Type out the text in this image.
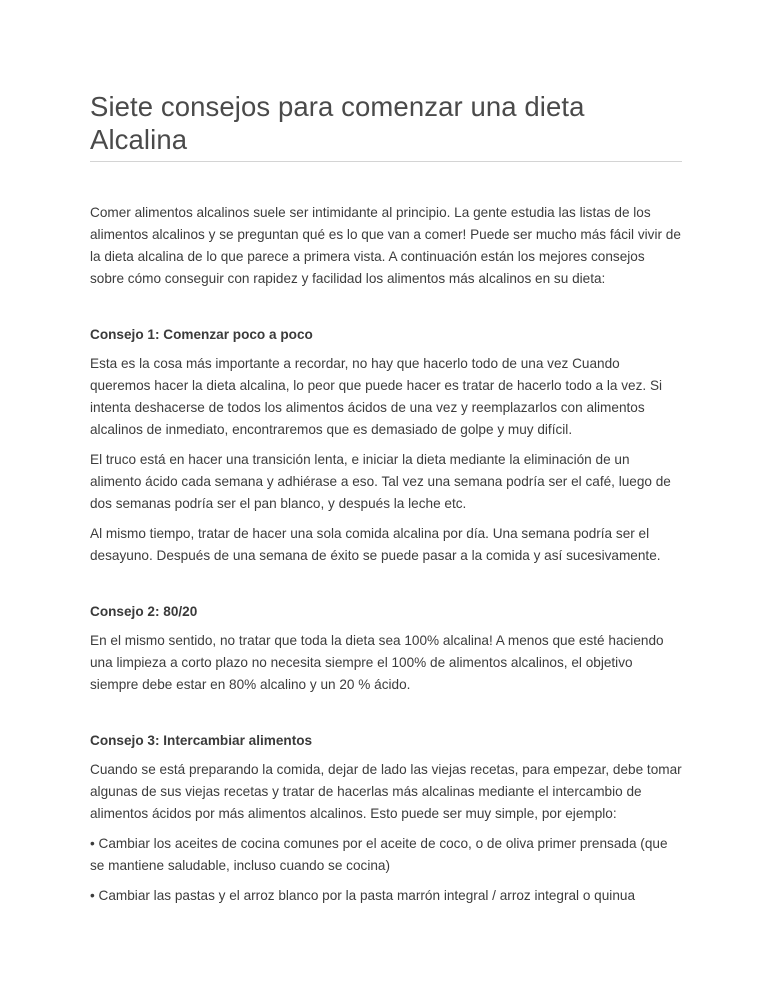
Siete consejos para comenzar una dieta Alcalina

Comer alimentos alcalinos suele ser intimidante al principio. La gente estudia las listas de los alimentos alcalinos y se preguntan qué es lo que van a comer! Puede ser mucho más fácil vivir de la dieta alcalina de lo que parece a primera vista. A continuación están los mejores consejos sobre cómo conseguir con rapidez y facilidad los alimentos más alcalinos en su dieta:

Consejo 1: Comenzar poco a poco

Esta es la cosa más importante a recordar, no hay que hacerlo todo de una vez Cuando queremos hacer la dieta alcalina, lo peor que puede hacer es tratar de hacerlo todo a la vez. Si intenta deshacerse de todos los alimentos ácidos de una vez y reemplazarlos con alimentos alcalinos de inmediato, encontraremos que es demasiado de golpe y muy difícil.

El truco está en hacer una transición lenta, e iniciar la dieta mediante la eliminación de un alimento ácido cada semana y adhiérase a eso. Tal vez una semana podría ser el café, luego de dos semanas podría ser el pan blanco, y después la leche etc.

Al mismo tiempo, tratar de hacer una sola comida alcalina por día. Una semana podría ser el desayuno. Después de una semana de éxito se puede pasar a la comida y así sucesivamente.

Consejo 2: 80/20

En el mismo sentido, no tratar que toda la dieta sea 100% alcalina! A menos que esté haciendo una limpieza a corto plazo no necesita siempre el 100% de alimentos alcalinos, el objetivo siempre debe estar en 80% alcalino y un 20 % ácido.

Consejo 3: Intercambiar alimentos

Cuando se está preparando la comida, dejar de lado las viejas recetas, para empezar, debe tomar algunas de sus viejas recetas y tratar de hacerlas más alcalinas mediante el intercambio de alimentos ácidos por más alimentos alcalinos. Esto puede ser muy simple, por ejemplo:

• Cambiar los aceites de cocina comunes por el aceite de coco, o de oliva primer prensada (que se mantiene saludable, incluso cuando se cocina)

• Cambiar las pastas y el arroz blanco por la pasta marrón integral / arroz integral o quinua
